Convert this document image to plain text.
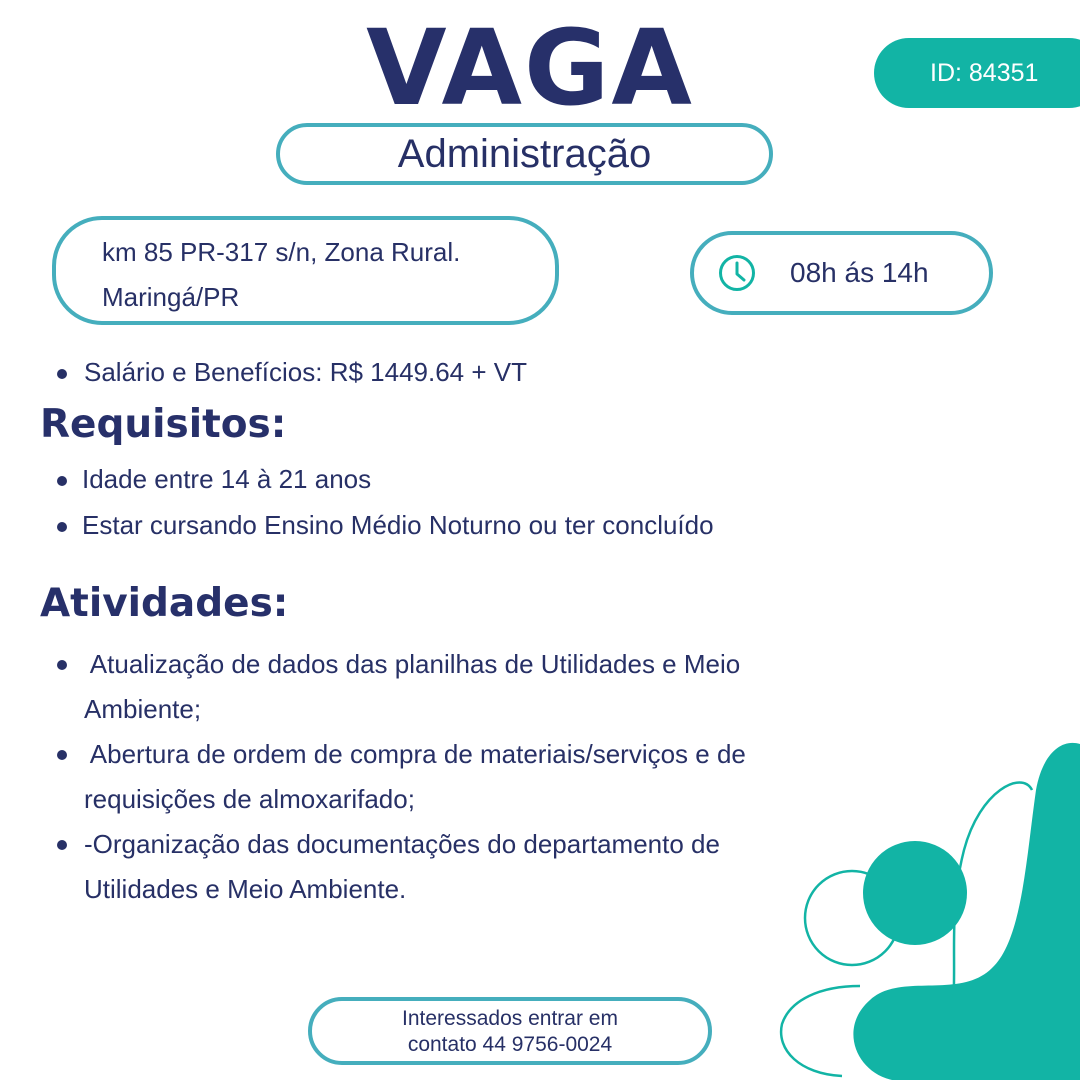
VAGA	ID: 84351
Administração
km 85 PR-317 s/n, Zona Rural.
Maringá/PR
08h ás 14h
Salário e Benefícios: R$ 1449.64 + VT
Requisitos:
Idade entre 14 à 21 anos
Estar cursando Ensino Médio Noturno ou ter concluído
Atividades:
Atualização de dados das planilhas de Utilidades e Meio
Ambiente;
Abertura de ordem de compra de materiais/serviços e de
requisições de almoxarifado;
-Organização das documentações do departamento de
Utilidades e Meio Ambiente.
Interessados entrar em
contato 44 9756-0024
